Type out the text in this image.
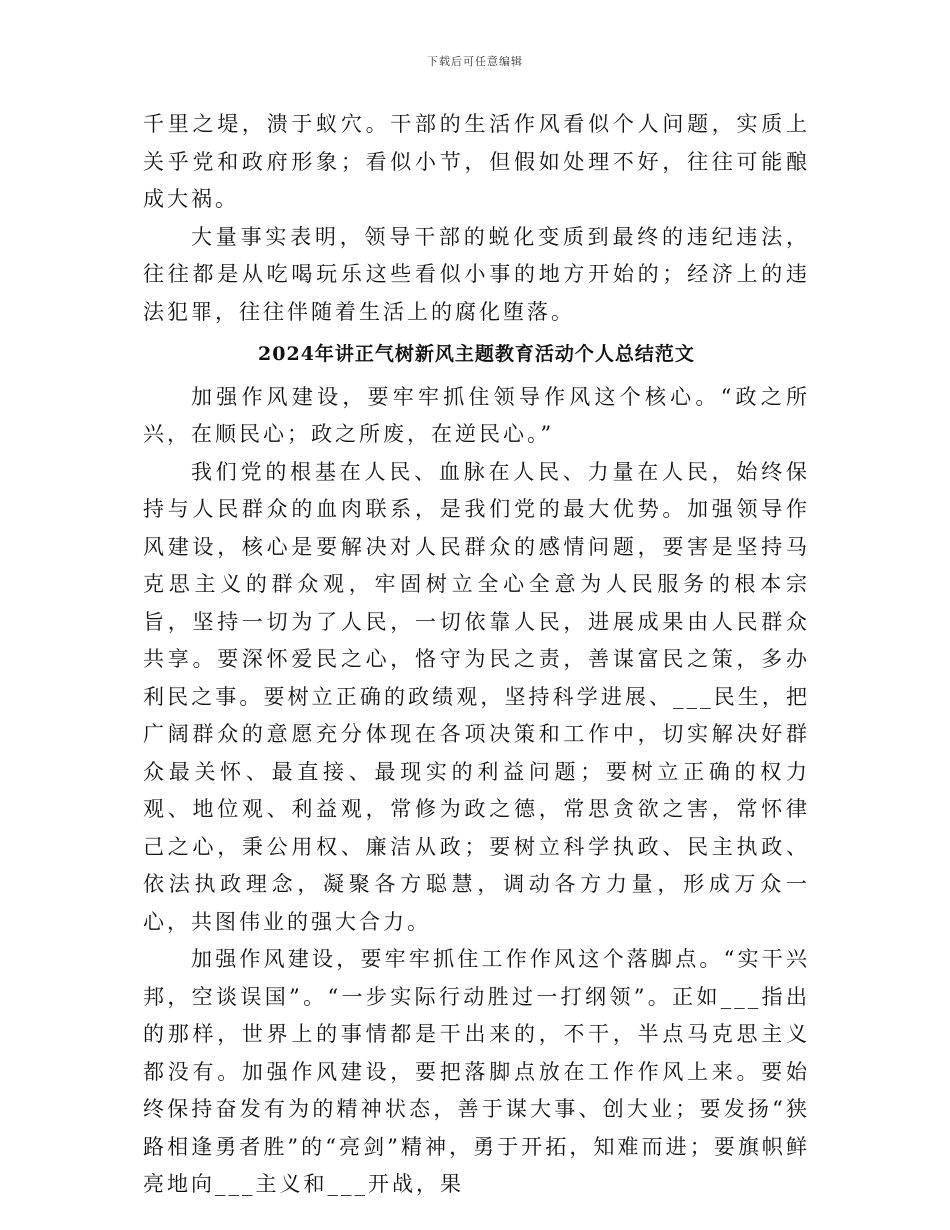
下载后可任意编辑

千里之堤，溃于蚁穴。干部的生活作风看似个人问题，实质上关乎党和政府形象；看似小节，但假如处理不好，往往可能酿成大祸。

大量事实表明，领导干部的蜕化变质到最终的违纪违法，往往都是从吃喝玩乐这些看似小事的地方开始的；经济上的违法犯罪，往往伴随着生活上的腐化堕落。

2024年讲正气树新风主题教育活动个人总结范文

加强作风建设，要牢牢抓住领导作风这个核心。“政之所兴，在顺民心；政之所废，在逆民心。”

我们党的根基在人民、血脉在人民、力量在人民，始终保持与人民群众的血肉联系，是我们党的最大优势。加强领导作风建设，核心是要解决对人民群众的感情问题，要害是坚持马克思主义的群众观，牢固树立全心全意为人民服务的根本宗旨，坚持一切为了人民，一切依靠人民，进展成果由人民群众共享。要深怀爱民之心，恪守为民之责，善谋富民之策，多办利民之事。要树立正确的政绩观，坚持科学进展、___民生，把广阔群众的意愿充分体现在各项决策和工作中，切实解决好群众最关怀、最直接、最现实的利益问题；要树立正确的权力观、地位观、利益观，常修为政之德，常思贪欲之害，常怀律己之心，秉公用权、廉洁从政；要树立科学执政、民主执政、依法执政理念，凝聚各方聪慧，调动各方力量，形成万众一心，共图伟业的强大合力。

加强作风建设，要牢牢抓住工作作风这个落脚点。“实干兴邦，空谈误国”。“一步实际行动胜过一打纲领”。正如___指出的那样，世界上的事情都是干出来的，不干，半点马克思主义都没有。加强作风建设，要把落脚点放在工作作风上来。要始终保持奋发有为的精神状态，善于谋大事、创大业；要发扬“狭路相逢勇者胜”的“亮剑”精神，勇于开拓，知难而进；要旗帜鲜亮地向___主义和___开战，果
